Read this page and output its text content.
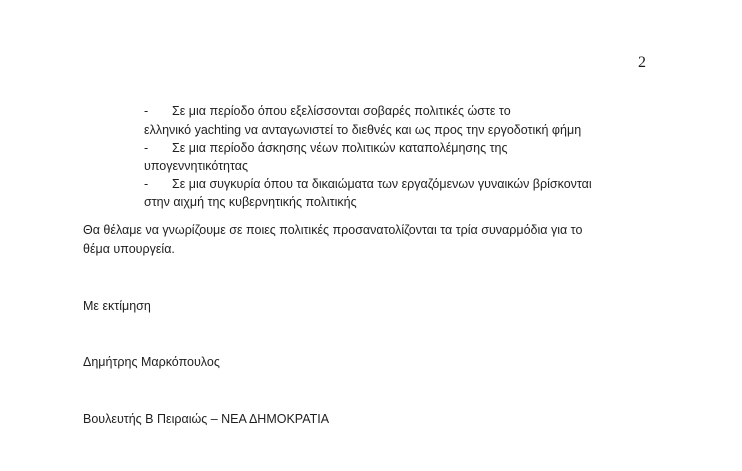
2
- Σε μια περίοδο όπου εξελίσσονται σοβαρές πολιτικές ώστε το
ελληνικό yachting να ανταγωνιστεί το διεθνές και ως προς την εργοδοτική φήμη
- Σε μια περίοδο άσκησης νέων πολιτικών καταπολέμησης της
υπογεννητικότητας
- Σε μια συγκυρία όπου τα δικαιώματα των εργαζόμενων γυναικών βρίσκονται
στην αιχμή της κυβερνητικής πολιτικής
Θα θέλαμε να γνωρίζουμε σε ποιες πολιτικές προσανατολίζονται τα τρία συναρμόδια για το
θέμα υπουργεία.
Με εκτίμηση
Δημήτρης Μαρκόπουλος
Βουλευτής Β Πειραιώς – ΝΕΑ ΔΗΜΟΚΡΑΤΙΑ
